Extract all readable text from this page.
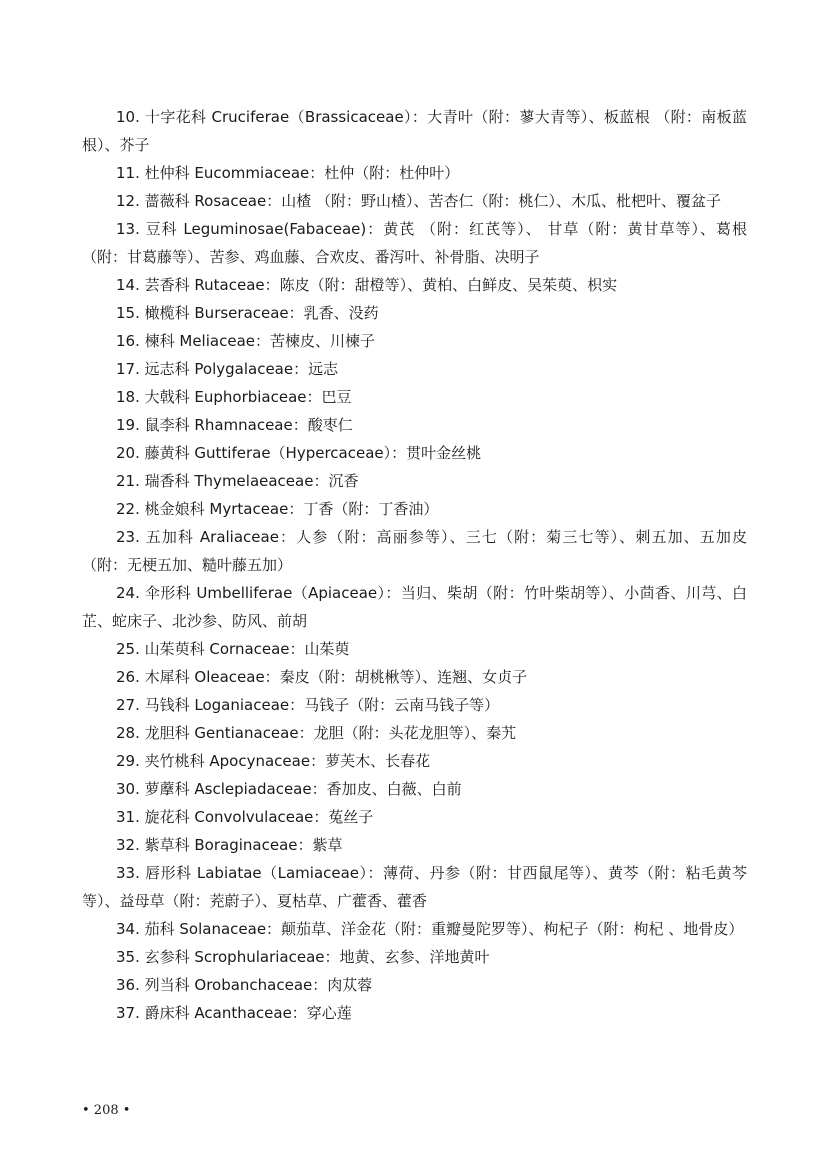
10. 十字花科 Cruciferae（Brassicaceae）：大青叶（附：蓼大青等）、板蓝根 （附：南板蓝根）、芥子

11. 杜仲科 Eucommiaceae：杜仲（附：杜仲叶）

12. 蔷薇科 Rosaceae：山楂 （附：野山楂）、苦杏仁（附：桃仁）、木瓜、枇杷叶、覆盆子

13. 豆科 Leguminosae(Fabaceae)：黄芪 （附：红芪等）、 甘草（附：黄甘草等）、葛根（附：甘葛藤等）、苦参、鸡血藤、合欢皮、番泻叶、补骨脂、决明子

14. 芸香科 Rutaceae：陈皮（附：甜橙等）、黄柏、白鲜皮、吴茱萸、枳实

15. 橄榄科 Burseraceae：乳香、没药

16. 楝科 Meliaceae：苦楝皮、川楝子

17. 远志科 Polygalaceae：远志

18. 大戟科 Euphorbiaceae：巴豆

19. 鼠李科 Rhamnaceae：酸枣仁

20. 藤黄科 Guttiferae（Hypercaceae）：贯叶金丝桃

21. 瑞香科 Thymelaeaceae：沉香

22. 桃金娘科 Myrtaceae：丁香（附：丁香油）

23. 五加科 Araliaceae：人参（附：高丽参等）、三七（附：菊三七等）、刺五加、五加皮（附：无梗五加、糙叶藤五加）

24. 伞形科 Umbelliferae（Apiaceae）：当归、柴胡（附：竹叶柴胡等）、小茴香、川芎、白芷、蛇床子、北沙参、防风、前胡

25. 山茱萸科 Cornaceae：山茱萸

26. 木犀科 Oleaceae：秦皮（附：胡桃楸等）、连翘、女贞子

27. 马钱科 Loganiaceae：马钱子（附：云南马钱子等）

28. 龙胆科 Gentianaceae：龙胆（附：头花龙胆等）、秦艽

29. 夹竹桃科 Apocynaceae：萝芙木、长春花

30. 萝藦科 Asclepiadaceae：香加皮、白薇、白前

31. 旋花科 Convolvulaceae：菟丝子

32. 紫草科 Boraginaceae：紫草

33. 唇形科 Labiatae（Lamiaceae）：薄荷、丹参（附：甘西鼠尾等）、黄芩（附：粘毛黄芩等）、益母草（附：茺蔚子）、夏枯草、广藿香、藿香

34. 茄科 Solanaceae：颠茄草、洋金花（附：重瓣曼陀罗等）、枸杞子（附：枸杞 、地骨皮）

35. 玄参科 Scrophulariaceae：地黄、玄参、洋地黄叶

36. 列当科 Orobanchaceae：肉苁蓉

37. 爵床科 Acanthaceae：穿心莲

• 208 •
